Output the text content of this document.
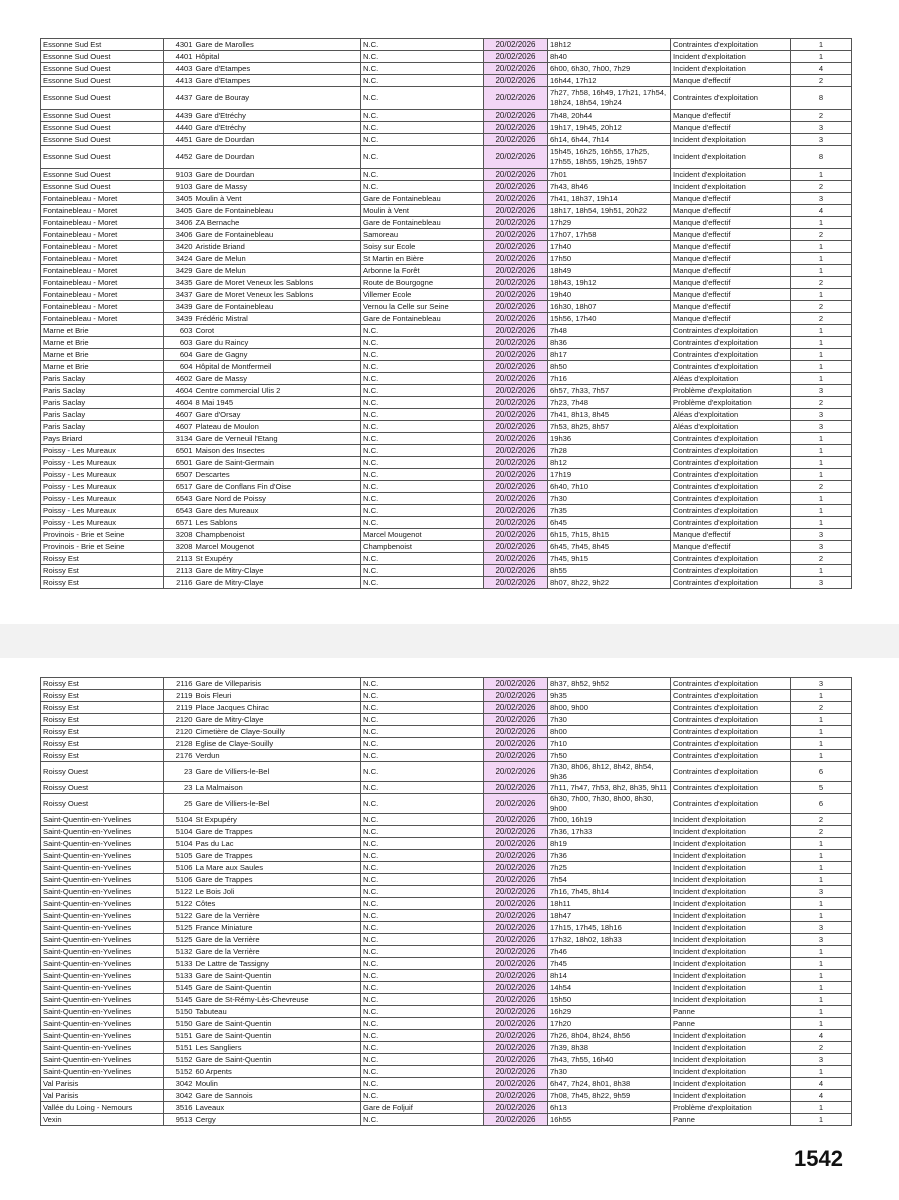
Essonne Sud Est	4301	Gare de Marolles	N.C.	20/02/2026	18h12	Contraintes d'exploitation	1
Essonne Sud Ouest	4401	Hôpital	N.C.	20/02/2026	8h40	Incident d'exploitation	1
Essonne Sud Ouest	4403	Gare d'Etampes	N.C.	20/02/2026	6h00, 6h30, 7h00, 7h29	Incident d'exploitation	4
Essonne Sud Ouest	4413	Gare d'Etampes	N.C.	20/02/2026	16h44, 17h12	Manque d'effectif	2
Essonne Sud Ouest	4437	Gare de Bouray	N.C.	20/02/2026	7h27, 7h58, 16h49, 17h21, 17h54, 18h24, 18h54, 19h24	Contraintes d'exploitation	8
Essonne Sud Ouest	4439	Gare d'Etréchy	N.C.	20/02/2026	7h48, 20h44	Manque d'effectif	2
Essonne Sud Ouest	4440	Gare d'Etréchy	N.C.	20/02/2026	19h17, 19h45, 20h12	Manque d'effectif	3
Essonne Sud Ouest	4451	Gare de Dourdan	N.C.	20/02/2026	6h14, 6h44, 7h14	Incident d'exploitation	3
Essonne Sud Ouest	4452	Gare de Dourdan	N.C.	20/02/2026	15h45, 16h25, 16h55, 17h25, 17h55, 18h55, 19h25, 19h57	Incident d'exploitation	8
Essonne Sud Ouest	9103	Gare de Dourdan	N.C.	20/02/2026	7h01	Incident d'exploitation	1
Essonne Sud Ouest	9103	Gare de Massy	N.C.	20/02/2026	7h43, 8h46	Incident d'exploitation	2
Fontainebleau - Moret	3405	Moulin à Vent	Gare de Fontainebleau	20/02/2026	7h41, 18h37, 19h14	Manque d'effectif	3
Fontainebleau - Moret	3405	Gare de Fontainebleau	Moulin à Vent	20/02/2026	18h17, 18h54, 19h51, 20h22	Manque d'effectif	4
Fontainebleau - Moret	3406	ZA Bernache	Gare de Fontainebleau	20/02/2026	17h29	Manque d'effectif	1
Fontainebleau - Moret	3406	Gare de Fontainebleau	Samoreau	20/02/2026	17h07, 17h58	Manque d'effectif	2
Fontainebleau - Moret	3420	Aristide Briand	Soisy sur Ecole	20/02/2026	17h40	Manque d'effectif	1
Fontainebleau - Moret	3424	Gare de Melun	St Martin en Bière	20/02/2026	17h50	Manque d'effectif	1
Fontainebleau - Moret	3429	Gare de Melun	Arbonne la Forêt	20/02/2026	18h49	Manque d'effectif	1
Fontainebleau - Moret	3435	Gare de Moret Veneux les Sablons	Route de Bourgogne	20/02/2026	18h43, 19h12	Manque d'effectif	2
Fontainebleau - Moret	3437	Gare de Moret Veneux les Sablons	Villemer Ecole	20/02/2026	19h40	Manque d'effectif	1
Fontainebleau - Moret	3439	Gare de Fontainebleau	Vernou la Celle sur Seine	20/02/2026	16h30, 18h07	Manque d'effectif	2
Fontainebleau - Moret	3439	Frédéric Mistral	Gare de Fontainebleau	20/02/2026	15h56, 17h40	Manque d'effectif	2
Marne et Brie	603	Corot	N.C.	20/02/2026	7h48	Contraintes d'exploitation	1
Marne et Brie	603	Gare du Raincy	N.C.	20/02/2026	8h36	Contraintes d'exploitation	1
Marne et Brie	604	Gare de Gagny	N.C.	20/02/2026	8h17	Contraintes d'exploitation	1
Marne et Brie	604	Hôpital de Montfermeil	N.C.	20/02/2026	8h50	Contraintes d'exploitation	1
Paris Saclay	4602	Gare de Massy	N.C.	20/02/2026	7h16	Aléas d'exploitation	1
Paris Saclay	4604	Centre commercial Ulis 2	N.C.	20/02/2026	6h57, 7h33, 7h57	Problème d'exploitation	3
Paris Saclay	4604	8 Mai 1945	N.C.	20/02/2026	7h23, 7h48	Problème d'exploitation	2
Paris Saclay	4607	Gare d'Orsay	N.C.	20/02/2026	7h41, 8h13, 8h45	Aléas d'exploitation	3
Paris Saclay	4607	Plateau de Moulon	N.C.	20/02/2026	7h53, 8h25, 8h57	Aléas d'exploitation	3
Pays Briard	3134	Gare de Verneuil l'Etang	N.C.	20/02/2026	19h36	Contraintes d'exploitation	1
Poissy - Les Mureaux	6501	Maison des Insectes	N.C.	20/02/2026	7h28	Contraintes d'exploitation	1
Poissy - Les Mureaux	6501	Gare de Saint-Germain	N.C.	20/02/2026	8h12	Contraintes d'exploitation	1
Poissy - Les Mureaux	6507	Descartes	N.C.	20/02/2026	17h19	Contraintes d'exploitation	1
Poissy - Les Mureaux	6517	Gare de Conflans Fin d'Oise	N.C.	20/02/2026	6h40, 7h10	Contraintes d'exploitation	2
Poissy - Les Mureaux	6543	Gare Nord de Poissy	N.C.	20/02/2026	7h30	Contraintes d'exploitation	1
Poissy - Les Mureaux	6543	Gare des Mureaux	N.C.	20/02/2026	7h35	Contraintes d'exploitation	1
Poissy - Les Mureaux	6571	Les Sablons	N.C.	20/02/2026	6h45	Contraintes d'exploitation	1
Provinois - Brie et Seine	3208	Champbenoist	Marcel Mougenot	20/02/2026	6h15, 7h15, 8h15	Manque d'effectif	3
Provinois - Brie et Seine	3208	Marcel Mougenot	Champbenoist	20/02/2026	6h45, 7h45, 8h45	Manque d'effectif	3
Roissy Est	2113	St Exupéry	N.C.	20/02/2026	7h45, 9h15	Contraintes d'exploitation	2
Roissy Est	2113	Gare de Mitry-Claye	N.C.	20/02/2026	8h55	Contraintes d'exploitation	1
Roissy Est	2116	Gare de Mitry-Claye	N.C.	20/02/2026	8h07, 8h22, 9h22	Contraintes d'exploitation	3
Roissy Est	2116	Gare de Villeparisis	N.C.	20/02/2026	8h37, 8h52, 9h52	Contraintes d'exploitation	3
Roissy Est	2119	Bois Fleuri	N.C.	20/02/2026	9h35	Contraintes d'exploitation	1
Roissy Est	2119	Place Jacques Chirac	N.C.	20/02/2026	8h00, 9h00	Contraintes d'exploitation	2
Roissy Est	2120	Gare de Mitry-Claye	N.C.	20/02/2026	7h30	Contraintes d'exploitation	1
Roissy Est	2120	Cimetière de Claye-Souilly	N.C.	20/02/2026	8h00	Contraintes d'exploitation	1
Roissy Est	2128	Eglise de Claye-Souilly	N.C.	20/02/2026	7h10	Contraintes d'exploitation	1
Roissy Est	2176	Verdun	N.C.	20/02/2026	7h50	Contraintes d'exploitation	1
Roissy Ouest	23	Gare de Villiers-le-Bel	N.C.	20/02/2026	7h30, 8h06, 8h12, 8h42, 8h54, 9h36	Contraintes d'exploitation	6
Roissy Ouest	23	La Malmaison	N.C.	20/02/2026	7h11, 7h47, 7h53, 8h2, 8h35, 9h11	Contraintes d'exploitation	5
Roissy Ouest	25	Gare de Villiers-le-Bel	N.C.	20/02/2026	6h30, 7h00, 7h30, 8h00, 8h30, 9h00	Contraintes d'exploitation	6
Saint-Quentin-en-Yvelines	5104	St Expupéry	N.C.	20/02/2026	7h00, 16h19	Incident d'exploitation	2
Saint-Quentin-en-Yvelines	5104	Gare de Trappes	N.C.	20/02/2026	7h36, 17h33	Incident d'exploitation	2
Saint-Quentin-en-Yvelines	5104	Pas du Lac	N.C.	20/02/2026	8h19	Incident d'exploitation	1
Saint-Quentin-en-Yvelines	5105	Gare de Trappes	N.C.	20/02/2026	7h36	Incident d'exploitation	1
Saint-Quentin-en-Yvelines	5106	La Mare aux Saules	N.C.	20/02/2026	7h25	Incident d'exploitation	1
Saint-Quentin-en-Yvelines	5106	Gare de Trappes	N.C.	20/02/2026	7h54	Incident d'exploitation	1
Saint-Quentin-en-Yvelines	5122	Le Bois Joli	N.C.	20/02/2026	7h16, 7h45, 8h14	Incident d'exploitation	3
Saint-Quentin-en-Yvelines	5122	Côtes	N.C.	20/02/2026	18h11	Incident d'exploitation	1
Saint-Quentin-en-Yvelines	5122	Gare de la Verrière	N.C.	20/02/2026	18h47	Incident d'exploitation	1
Saint-Quentin-en-Yvelines	5125	France Miniature	N.C.	20/02/2026	17h15, 17h45, 18h16	Incident d'exploitation	3
Saint-Quentin-en-Yvelines	5125	Gare de la Verrière	N.C.	20/02/2026	17h32, 18h02, 18h33	Incident d'exploitation	3
Saint-Quentin-en-Yvelines	5132	Gare de la Verrière	N.C.	20/02/2026	7h46	Incident d'exploitation	1
Saint-Quentin-en-Yvelines	5133	De Lattre de Tassigny	N.C.	20/02/2026	7h45	Incident d'exploitation	1
Saint-Quentin-en-Yvelines	5133	Gare de Saint-Quentin	N.C.	20/02/2026	8h14	Incident d'exploitation	1
Saint-Quentin-en-Yvelines	5145	Gare de Saint-Quentin	N.C.	20/02/2026	14h54	Incident d'exploitation	1
Saint-Quentin-en-Yvelines	5145	Gare de St-Rémy-Lès-Chevreuse	N.C.	20/02/2026	15h50	Incident d'exploitation	1
Saint-Quentin-en-Yvelines	5150	Tabuteau	N.C.	20/02/2026	16h29	Panne	1
Saint-Quentin-en-Yvelines	5150	Gare de Saint-Quentin	N.C.	20/02/2026	17h20	Panne	1
Saint-Quentin-en-Yvelines	5151	Gare de Saint-Quentin	N.C.	20/02/2026	7h26, 8h04, 8h24, 8h56	Incident d'exploitation	4
Saint-Quentin-en-Yvelines	5151	Les Sangliers	N.C.	20/02/2026	7h39, 8h38	Incident d'exploitation	2
Saint-Quentin-en-Yvelines	5152	Gare de Saint-Quentin	N.C.	20/02/2026	7h43, 7h55, 16h40	Incident d'exploitation	3
Saint-Quentin-en-Yvelines	5152	60 Arpents	N.C.	20/02/2026	7h30	Incident d'exploitation	1
Val Parisis	3042	Moulin	N.C.	20/02/2026	6h47, 7h24, 8h01, 8h38	Incident d'exploitation	4
Val Parisis	3042	Gare de Sannois	N.C.	20/02/2026	7h08, 7h45, 8h22, 9h59	Incident d'exploitation	4
Vallée du Loing - Nemours	3516	Laveaux	Gare de Foljuif	20/02/2026	6h13	Problème d'exploitation	1
Vexin	9513	Cergy	N.C.	20/02/2026	16h55	Panne	1
1542
